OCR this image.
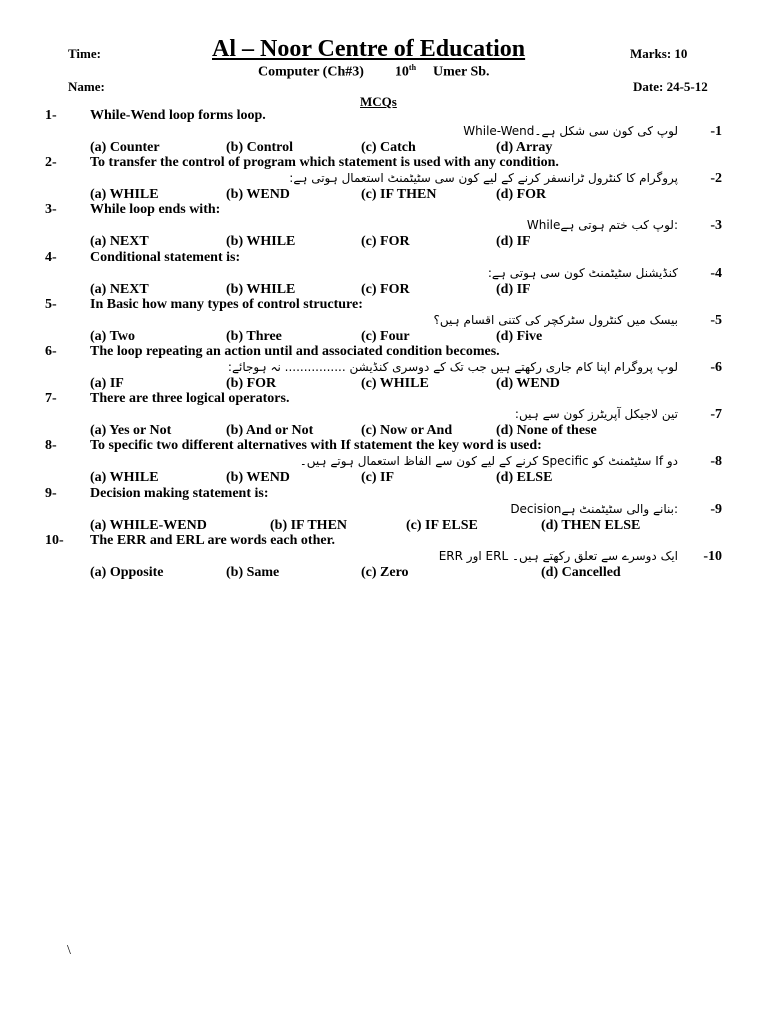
Time:	Al – Noor Centre of Education	Marks: 10
Computer (Ch#3) 10th Umer Sb.
Name:	Date: 24-5-12
MCQs
1- While-Wend loop forms loop.
While-Wendلوپ کی کون سی شکل ہے۔ -1
(a) Counter	(b) Control	(c) Catch	(d) Array
2- To transfer the control of program which statement is used with any condition.
پروگرام کا کنٹرول ٹرانسفر کرنے کے لیے کون سی سٹیٹمنٹ استعمال ہوتی ہے: -2
(a) WHILE	(b) WEND	(c) IF THEN	(d) FOR
3- While loop ends with:
Whileلوپ کب ختم ہوتی ہے: -3
(a) NEXT	(b) WHILE	(c) FOR	(d) IF
4- Conditional statement is:
کنڈیشنل سٹیٹمنٹ کون سی ہوتی ہے: -4
(a) NEXT	(b) WHILE	(c) FOR	(d) IF
5- In Basic how many types of control structure:
بیسک میں کنٹرول سٹرکچر کی کتنی اقسام ہیں؟ -5
(a) Two	(b) Three	(c) Four	(d) Five
6- The loop repeating an action until and associated condition becomes.
لوپ پروگرام اپنا کام جاری رکھتے ہیں جب تک کے دوسری کنڈیشن ................ نہ ہوجائے: -6
(a) IF	(b) FOR	(c) WHILE	(d) WEND
7- There are three logical operators.
تین لاجیکل آپریٹرز کون سے ہیں: -7
(a) Yes or Not	(b) And or Not	(c) Now or And	(d) None of these
8- To specific two different alternatives with If statement the key word is used:
دو If سٹیٹمنٹ کو Specific کرنے کے لیے کون سے الفاظ استعمال ہوتے ہیں۔ -8
(a) WHILE	(b) WEND	(c) IF	(d) ELSE
9- Decision making statement is:
Decisionبنانے والی سٹیٹمنٹ ہے: -9
(a) WHILE-WEND	(b) IF THEN	(c) IF ELSE	(d) THEN ELSE
10- The ERR and ERL are words each other.
ERR اور ERL ایک دوسرے سے تعلق رکھتے ہیں۔ -10
(a) Opposite	(b) Same	(c) Zero	(d) Cancelled
\
